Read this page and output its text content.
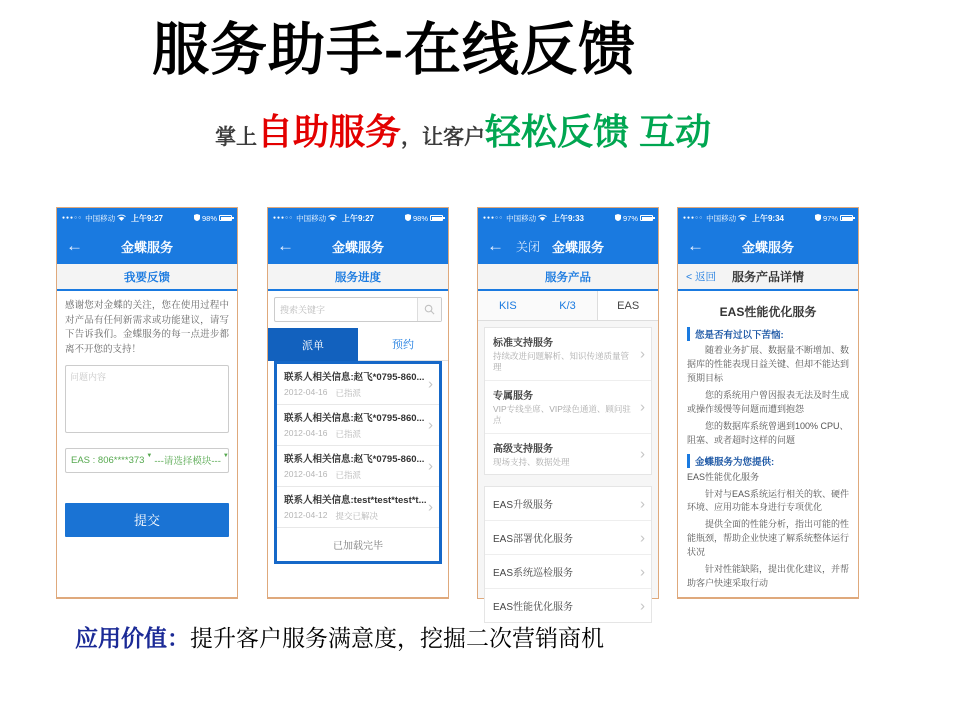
服务助手-在线反馈
掌上 自助服务 ，让客户 轻松反馈 互动
●●●○○ 中国移动	上午9:27	98%
←	金蝶服务
我要反馈
感谢您对金蝶的关注，您在使用过程中对产品有任何新需求或功能建议，请写下告诉我们。金蝶服务的每一点进步都离不开您的支持！
问题内容
EAS : 806****373 ▼ ---请选择模块--- ▼
提交
●●●○○ 中国移动	上午9:27	98%
←	金蝶服务
服务进度
搜索关键字
派单	预约
联系人相关信息:赵飞*0795-860...
2012-04-16 已指派
›
联系人相关信息:赵飞*0795-860...
2012-04-16 已指派
›
联系人相关信息:赵飞*0795-860...
2012-04-16 已指派
›
联系人相关信息:test*test*test*t...
2012-04-12 提交已解决
›
已加载完毕
●●●○○ 中国移动	上午9:33	97%
← 关闭 金蝶服务
服务产品
KIS	K/3	EAS
标准支持服务
持续改进问题解析、知识传递质量管理
›
专属服务
VIP专线坐席、VIP绿色通道、顾问驻点
›
高级支持服务
现场支持、数据处理	›
EAS升级服务	›
EAS部署优化服务	›
EAS系统巡检服务	›
EAS性能优化服务	›
●●●○○ 中国移动	上午9:34	97%
←	金蝶服务
< 返回	服务产品详情
EAS性能优化服务
您是否有过以下苦恼:
随着业务扩展、数据量不断增加、数据库的性能表现日益关键、但却不能达到预期目标
您的系统用户曾因报表无法及时生成或操作缓慢等问题而遭到抱怨
您的数据库系统曾遇到100% CPU、阻塞、或者超时这样的问题
金蝶服务为您提供:
EAS性能优化服务
针对与EAS系统运行相关的软、硬件环境、应用功能本身进行专项优化
提供全面的性能分析，指出可能的性能瓶颈，帮助企业快速了解系统整体运行状况
针对性能缺陷，提出优化建议，并帮助客户快速采取行动
应用价值： 提升客户服务满意度，挖掘二次营销商机
